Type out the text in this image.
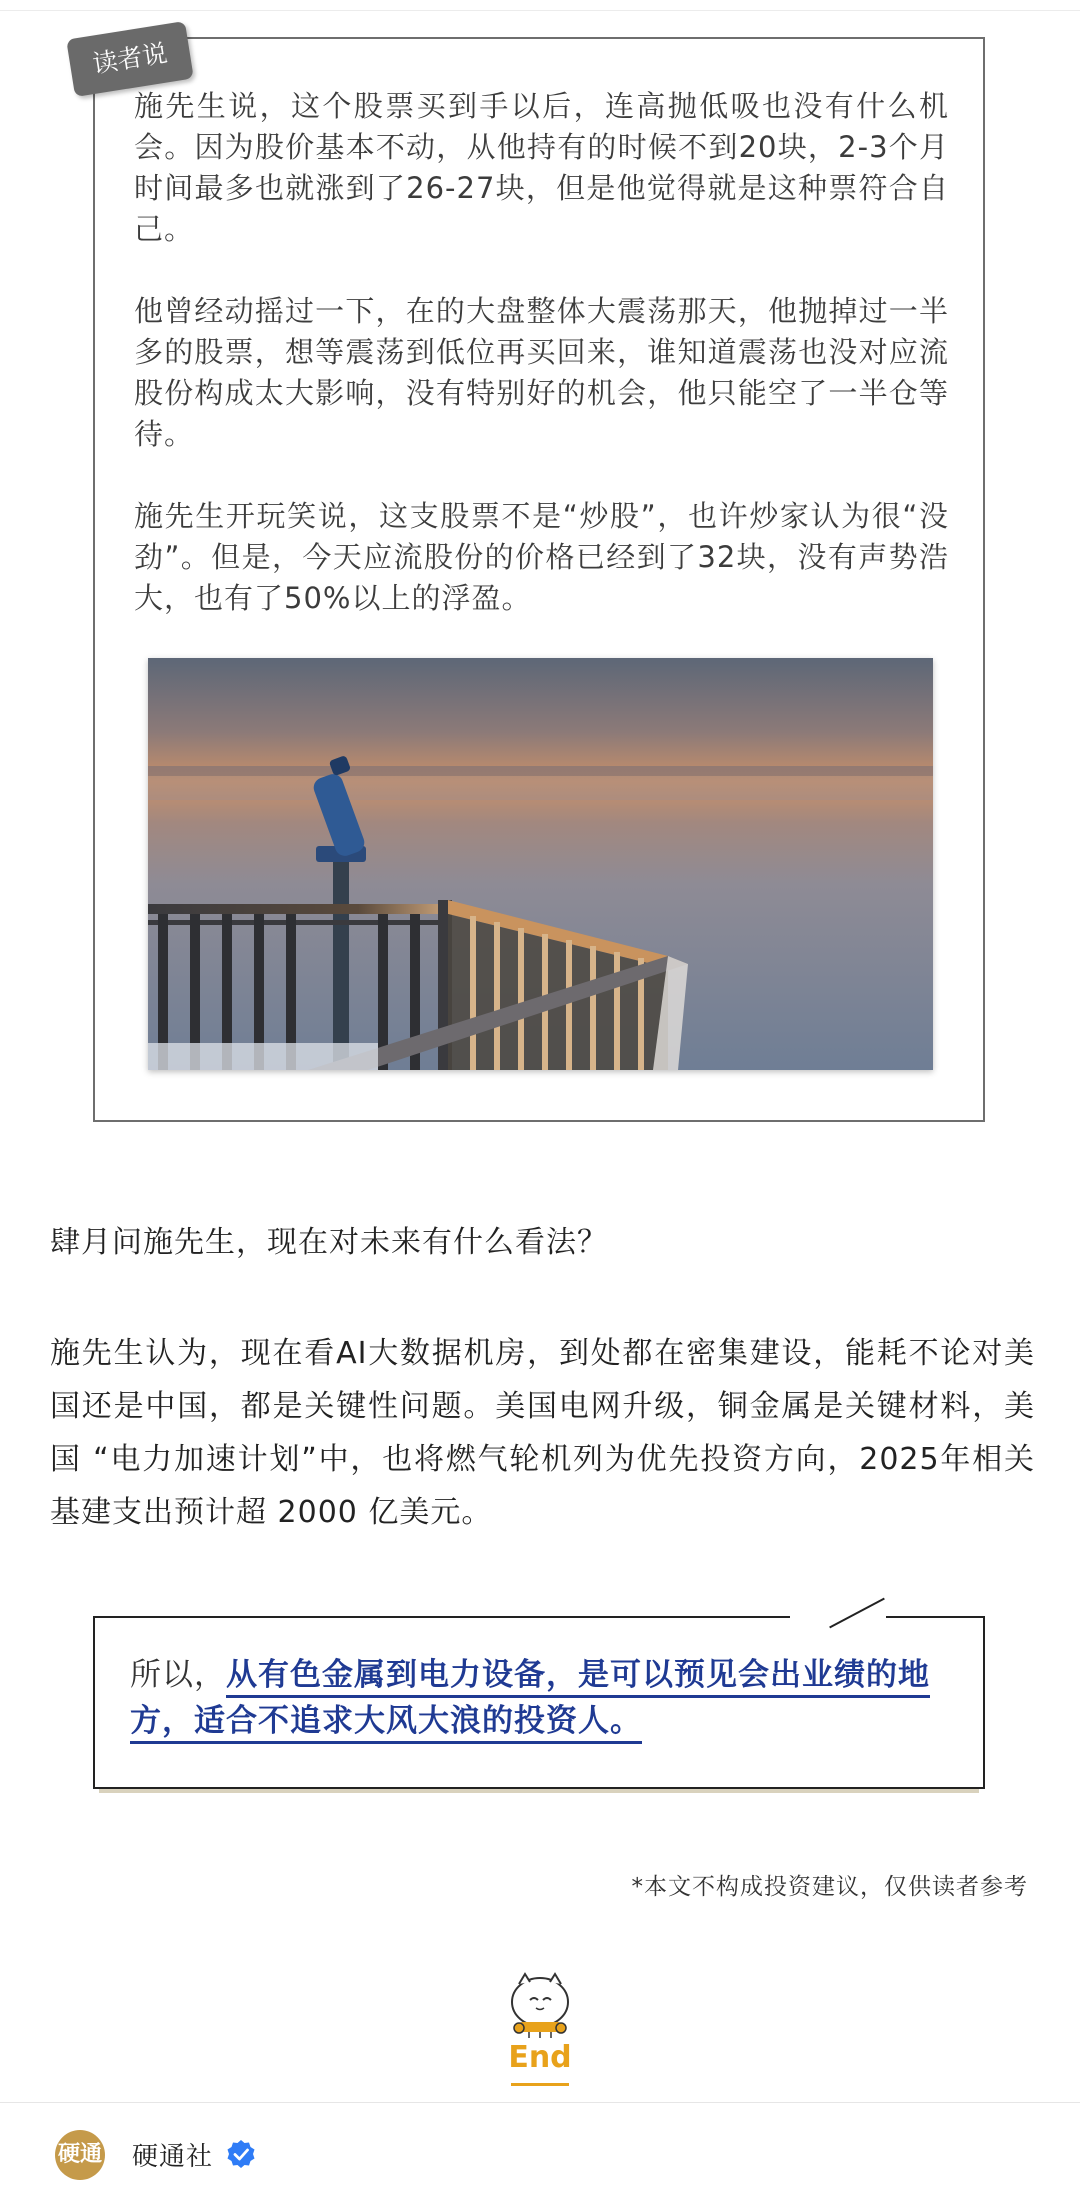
读者说

施先生说，这个股票买到手以后，连高抛低吸也没有什么机会。因为股价基本不动，从他持有的时候不到20块，2-3个月时间最多也就涨到了26-27块，但是他觉得就是这种票符合自己。

他曾经动摇过一下，在的大盘整体大震荡那天，他抛掉过一半多的股票，想等震荡到低位再买回来，谁知道震荡也没对应流股份构成太大影响，没有特别好的机会，他只能空了一半仓等待。

施先生开玩笑说，这支股票不是“炒股”，也许炒家认为很“没劲”。但是，今天应流股份的价格已经到了32块，没有声势浩大，也有了50%以上的浮盈。

肆月问施先生，现在对未来有什么看法？

施先生认为，现在看AI大数据机房，到处都在密集建设，能耗不论对美国还是中国，都是关键性问题。美国电网升级，铜金属是关键材料，美国 “电力加速计划”中，也将燃气轮机列为优先投资方向，2025年相关基建支出预计超 2000 亿美元。

所以，从有色金属到电力设备，是可以预见会出业绩的地方，适合不追求大风大浪的投资人。
*本文不构成投资建议，仅供读者参考
End
硬通 硬通社
